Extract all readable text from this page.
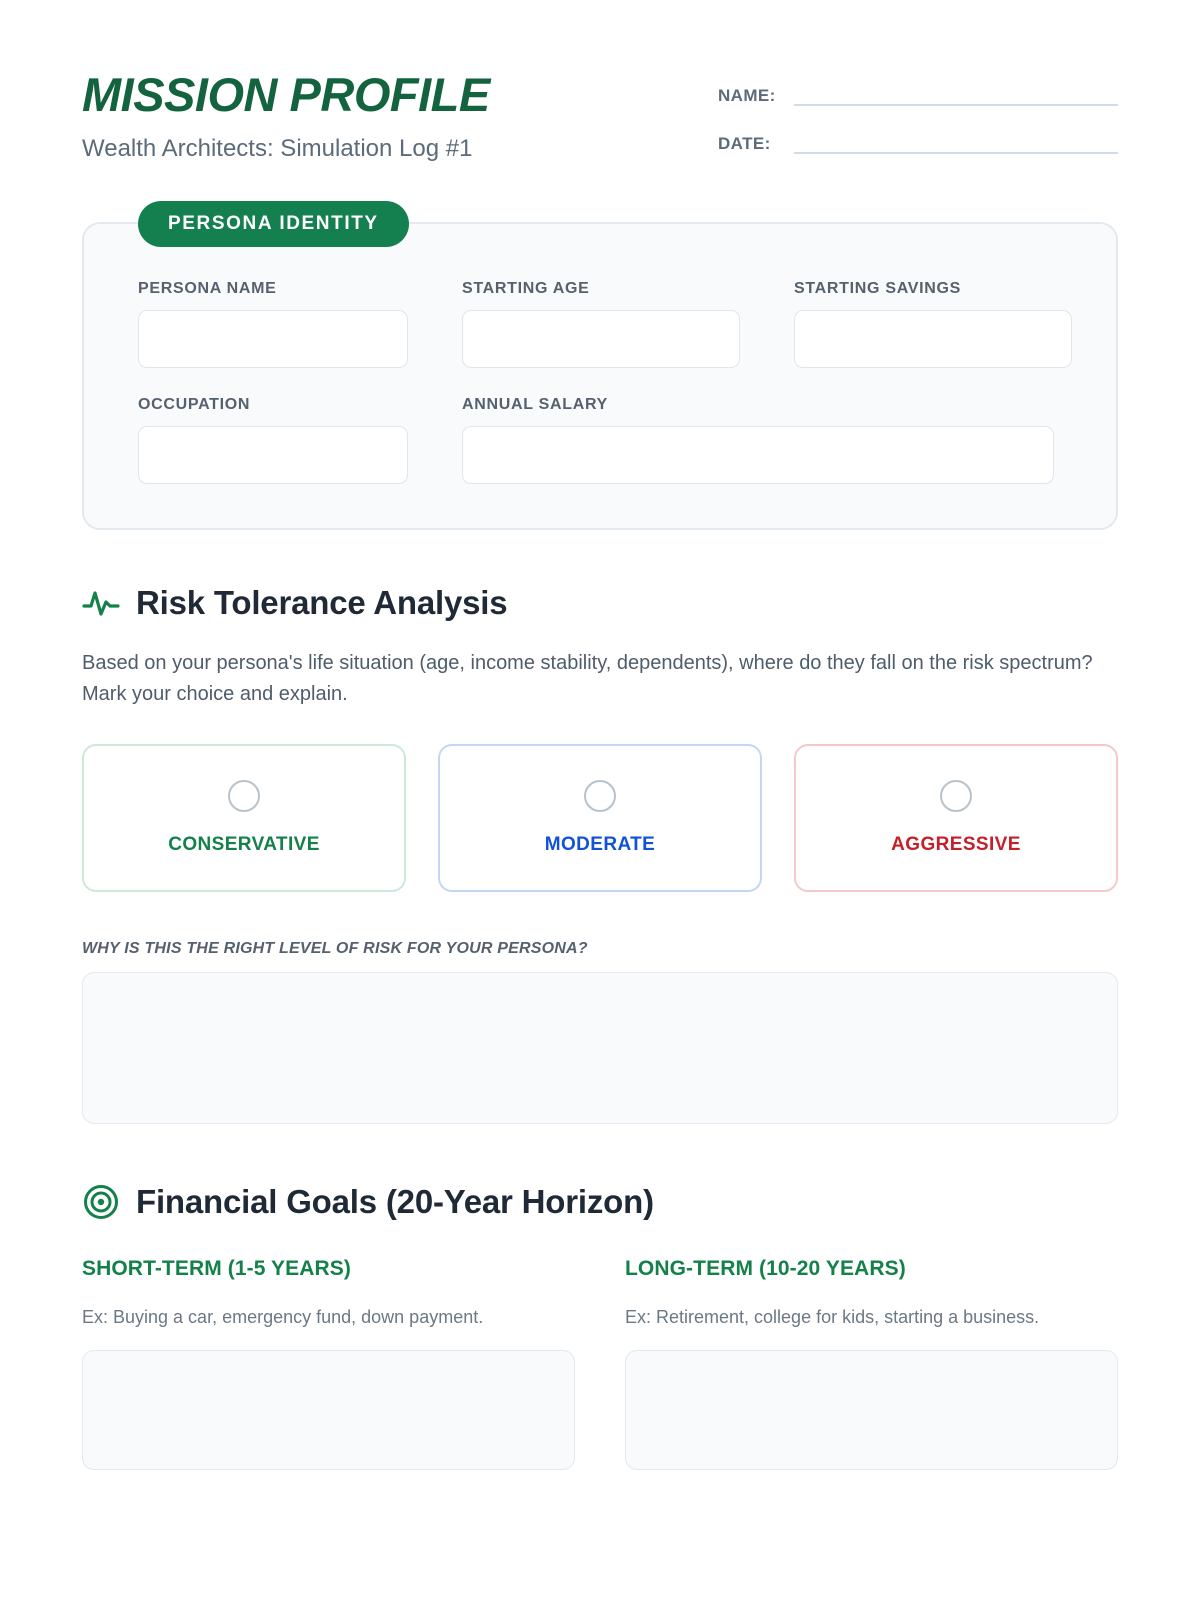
MISSION PROFILE

Wealth Architects: Simulation Log #1

NAME:
DATE:
PERSONA IDENTITY
PERSONA NAME	STARTING AGE	STARTING SAVINGS
OCCUPATION	ANNUAL SALARY
Risk Tolerance Analysis

Based on your persona's life situation (age, income stability, dependents), where do they fall on the risk spectrum? Mark your choice and explain.

CONSERVATIVE	MODERATE	AGGRESSIVE
WHY IS THIS THE RIGHT LEVEL OF RISK FOR YOUR PERSONA?
Financial Goals (20-Year Horizon)

SHORT-TERM (1-5 YEARS)

Ex: Buying a car, emergency fund, down payment.

LONG-TERM (10-20 YEARS)

Ex: Retirement, college for kids, starting a business.
